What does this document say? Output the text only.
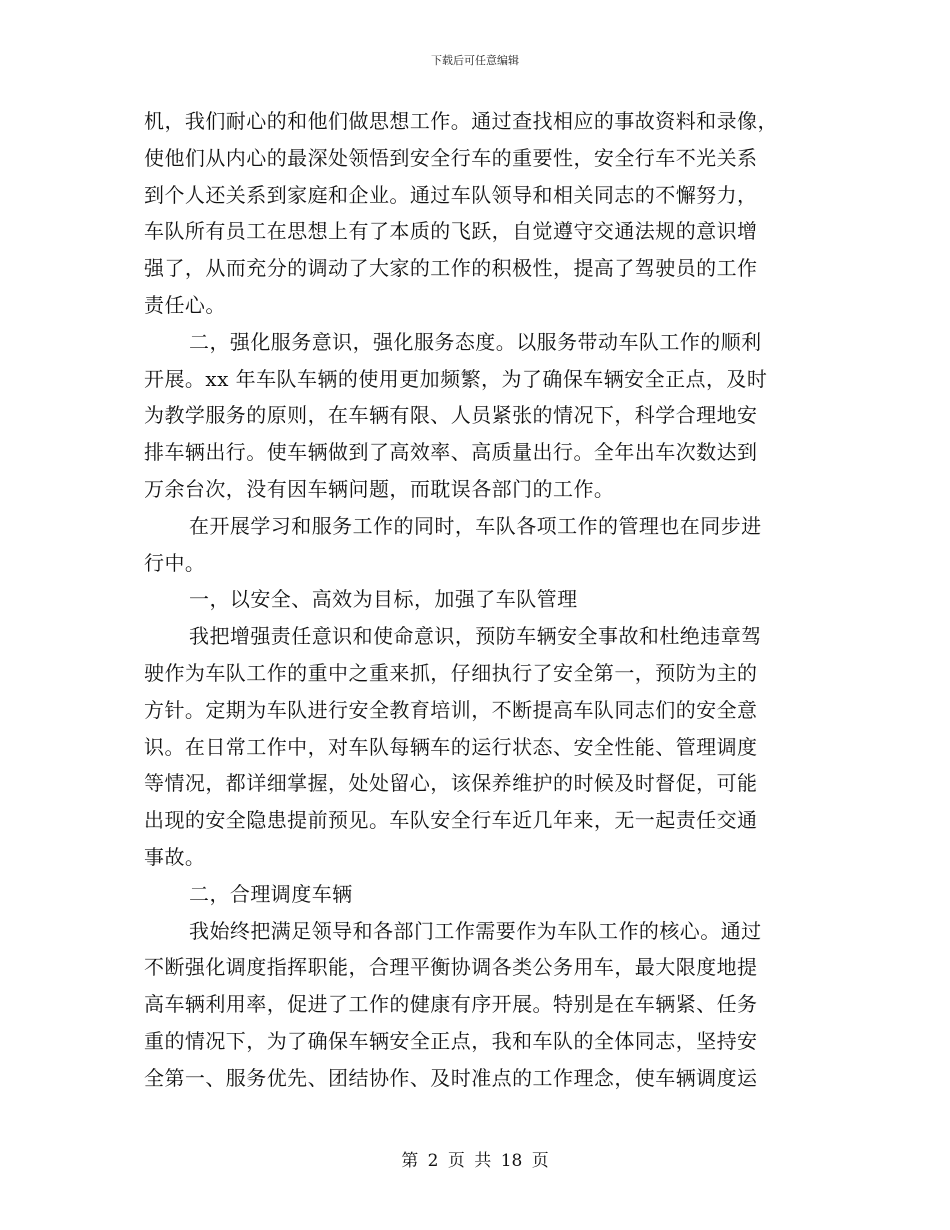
下载后可任意编辑
机，我们耐心的和他们做思想工作。通过查找相应的事故资料和录像，
使他们从内心的最深处领悟到安全行车的重要性，安全行车不光关系
到个人还关系到家庭和企业。通过车队领导和相关同志的不懈努力，
车队所有员工在思想上有了本质的飞跃，自觉遵守交通法规的意识增
强了，从而充分的调动了大家的工作的积极性，提高了驾驶员的工作
责任心。
二，强化服务意识，强化服务态度。以服务带动车队工作的顺利
开展。xx 年车队车辆的使用更加频繁，为了确保车辆安全正点，及时
为教学服务的原则，在车辆有限、人员紧张的情况下，科学合理地安
排车辆出行。使车辆做到了高效率、高质量出行。全年出车次数达到
万余台次，没有因车辆问题，而耽误各部门的工作。
在开展学习和服务工作的同时，车队各项工作的管理也在同步进
行中。
一，以安全、高效为目标，加强了车队管理
我把增强责任意识和使命意识，预防车辆安全事故和杜绝违章驾
驶作为车队工作的重中之重来抓，仔细执行了安全第一，预防为主的
方针。定期为车队进行安全教育培训，不断提高车队同志们的安全意
识。在日常工作中，对车队每辆车的运行状态、安全性能、管理调度
等情况，都详细掌握，处处留心，该保养维护的时候及时督促，可能
出现的安全隐患提前预见。车队安全行车近几年来，无一起责任交通
事故。
二，合理调度车辆
我始终把满足领导和各部门工作需要作为车队工作的核心。通过
不断强化调度指挥职能，合理平衡协调各类公务用车，最大限度地提
高车辆利用率，促进了工作的健康有序开展。特别是在车辆紧、任务
重的情况下，为了确保车辆安全正点，我和车队的全体同志，坚持安
全第一、服务优先、团结协作、及时准点的工作理念，使车辆调度运
第 2 页 共 18 页
